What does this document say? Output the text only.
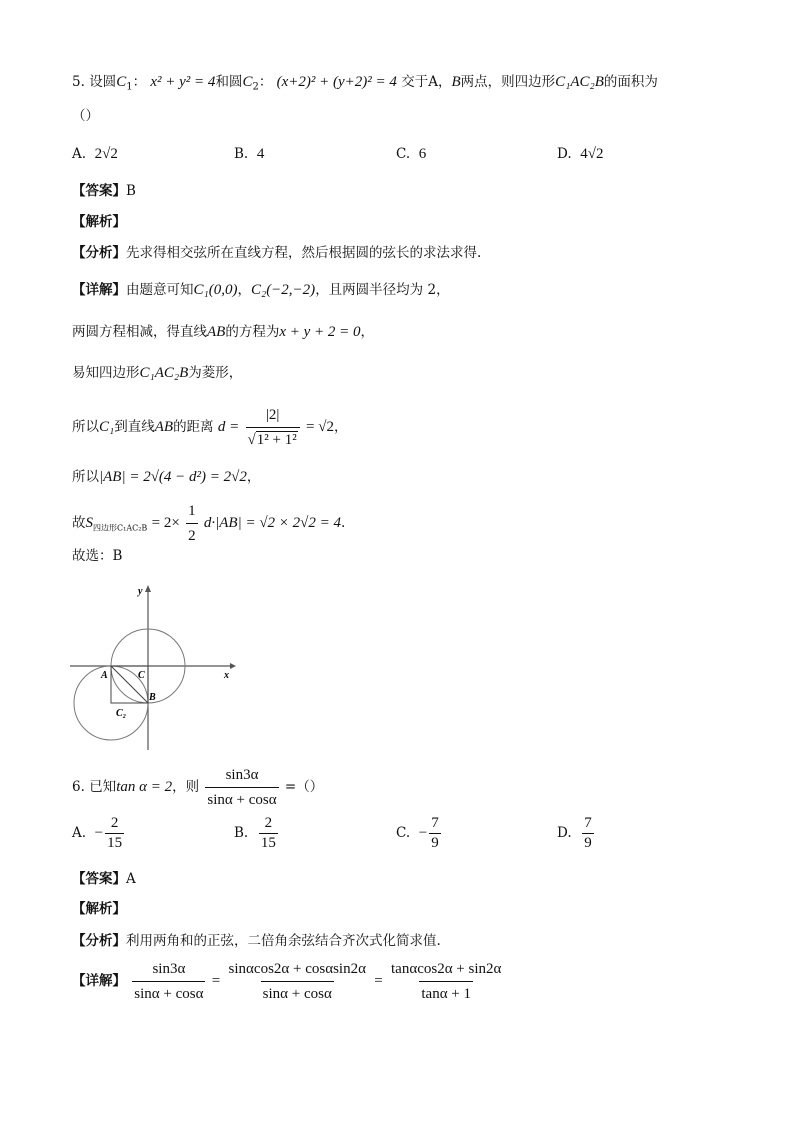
5. 设圆$C_1$： x² + y² = 4和圆$C_2$： (x+2)² + (y+2)² = 4 交于A，B两点，则四边形C₁AC₂B的面积为
（）
A. 2√2	B. 4	C. 6	D. 4√2
【答案】B
【解析】
【分析】先求得相交弦所在直线方程，然后根据圆的弦长的求法求得.
【详解】由题意可知C₁(0,0)，C₂(−2,−2)，且两圆半径均为 2，
两圆方程相减，得直线AB的方程为x + y + 2 = 0，
易知四边形C₁AC₂B为菱形，
所以C₁到直线AB的距离 $d = \frac{|2|}{\text{√1² + 1²}} = √2$，
所以|AB| = 2√(4 − d²) = 2√2，
故$S_{四边形C_1AC_2B} = 2\times \frac{1}{2} d\cdot|AB| = √2 \times 2√2 = 4$.
故选：B
y
x
A	C
B
C₂
6. 已知tan α = 2，则 $\frac{\sin 3\alpha}{\sin\alpha + \cos\alpha}$ =（）
A. − $\frac{2}{15}$	B. $\frac{2}{15}$	C. − $\frac{7}{9}$	D. $\frac{7}{9}$
【答案】A
【解析】
【分析】利用两角和的正弦，二倍角余弦结合齐次式化简求值.
【详解】 $\frac{\sin 3\alpha}{\sin\alpha + \cos\alpha} = \frac{\sin\alpha\cos 2\alpha + \cos\alpha\sin 2\alpha}{\sin\alpha + \cos\alpha} = \frac{\tan\alpha\cos 2\alpha + \sin 2\alpha}{\tan\alpha + 1}$
